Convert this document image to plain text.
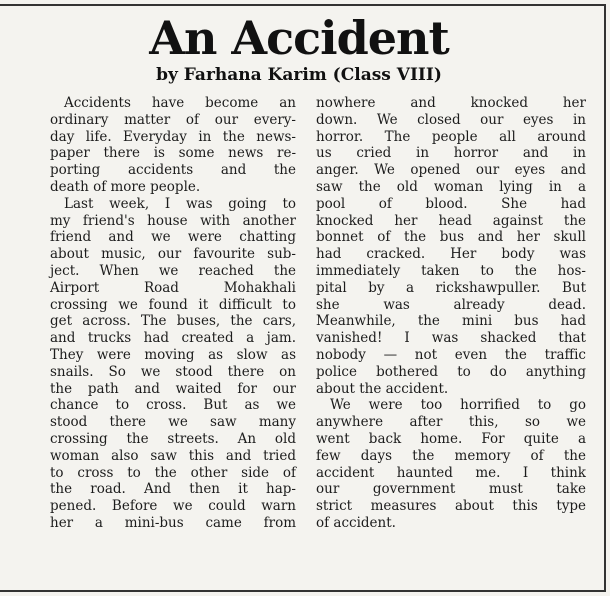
An Accident
by Farhana Karim (Class VIII)
Accidents have become an
ordinary matter of our every-
day life. Everyday in the news-
paper there is some news re-
porting accidents and the
death of more people.
Last week, I was going to
my friend's house with another
friend and we were chatting
about music, our favourite sub-
ject. When we reached the
Airport Road Mohakhali
crossing we found it difficult to
get across. The buses, the cars,
and trucks had created a jam.
They were moving as slow as
snails. So we stood there on
the path and waited for our
chance to cross. But as we
stood there we saw many
crossing the streets. An old
woman also saw this and tried
to cross to the other side of
the road. And then it hap-
pened. Before we could warn
her a mini-bus came from
nowhere and knocked her
down. We closed our eyes in
horror. The people all around
us cried in horror and in
anger. We opened our eyes and
saw the old woman lying in a
pool of blood. She had
knocked her head against the
bonnet of the bus and her skull
had cracked. Her body was
immediately taken to the hos-
pital by a rickshawpuller. But
she was already dead.
Meanwhile, the mini bus had
vanished! I was shacked that
nobody — not even the traffic
police bothered to do anything
about the accident.
We were too horrified to go
anywhere after this, so we
went back home. For quite a
few days the memory of the
accident haunted me. I think
our government must take
strict measures about this type
of accident.
